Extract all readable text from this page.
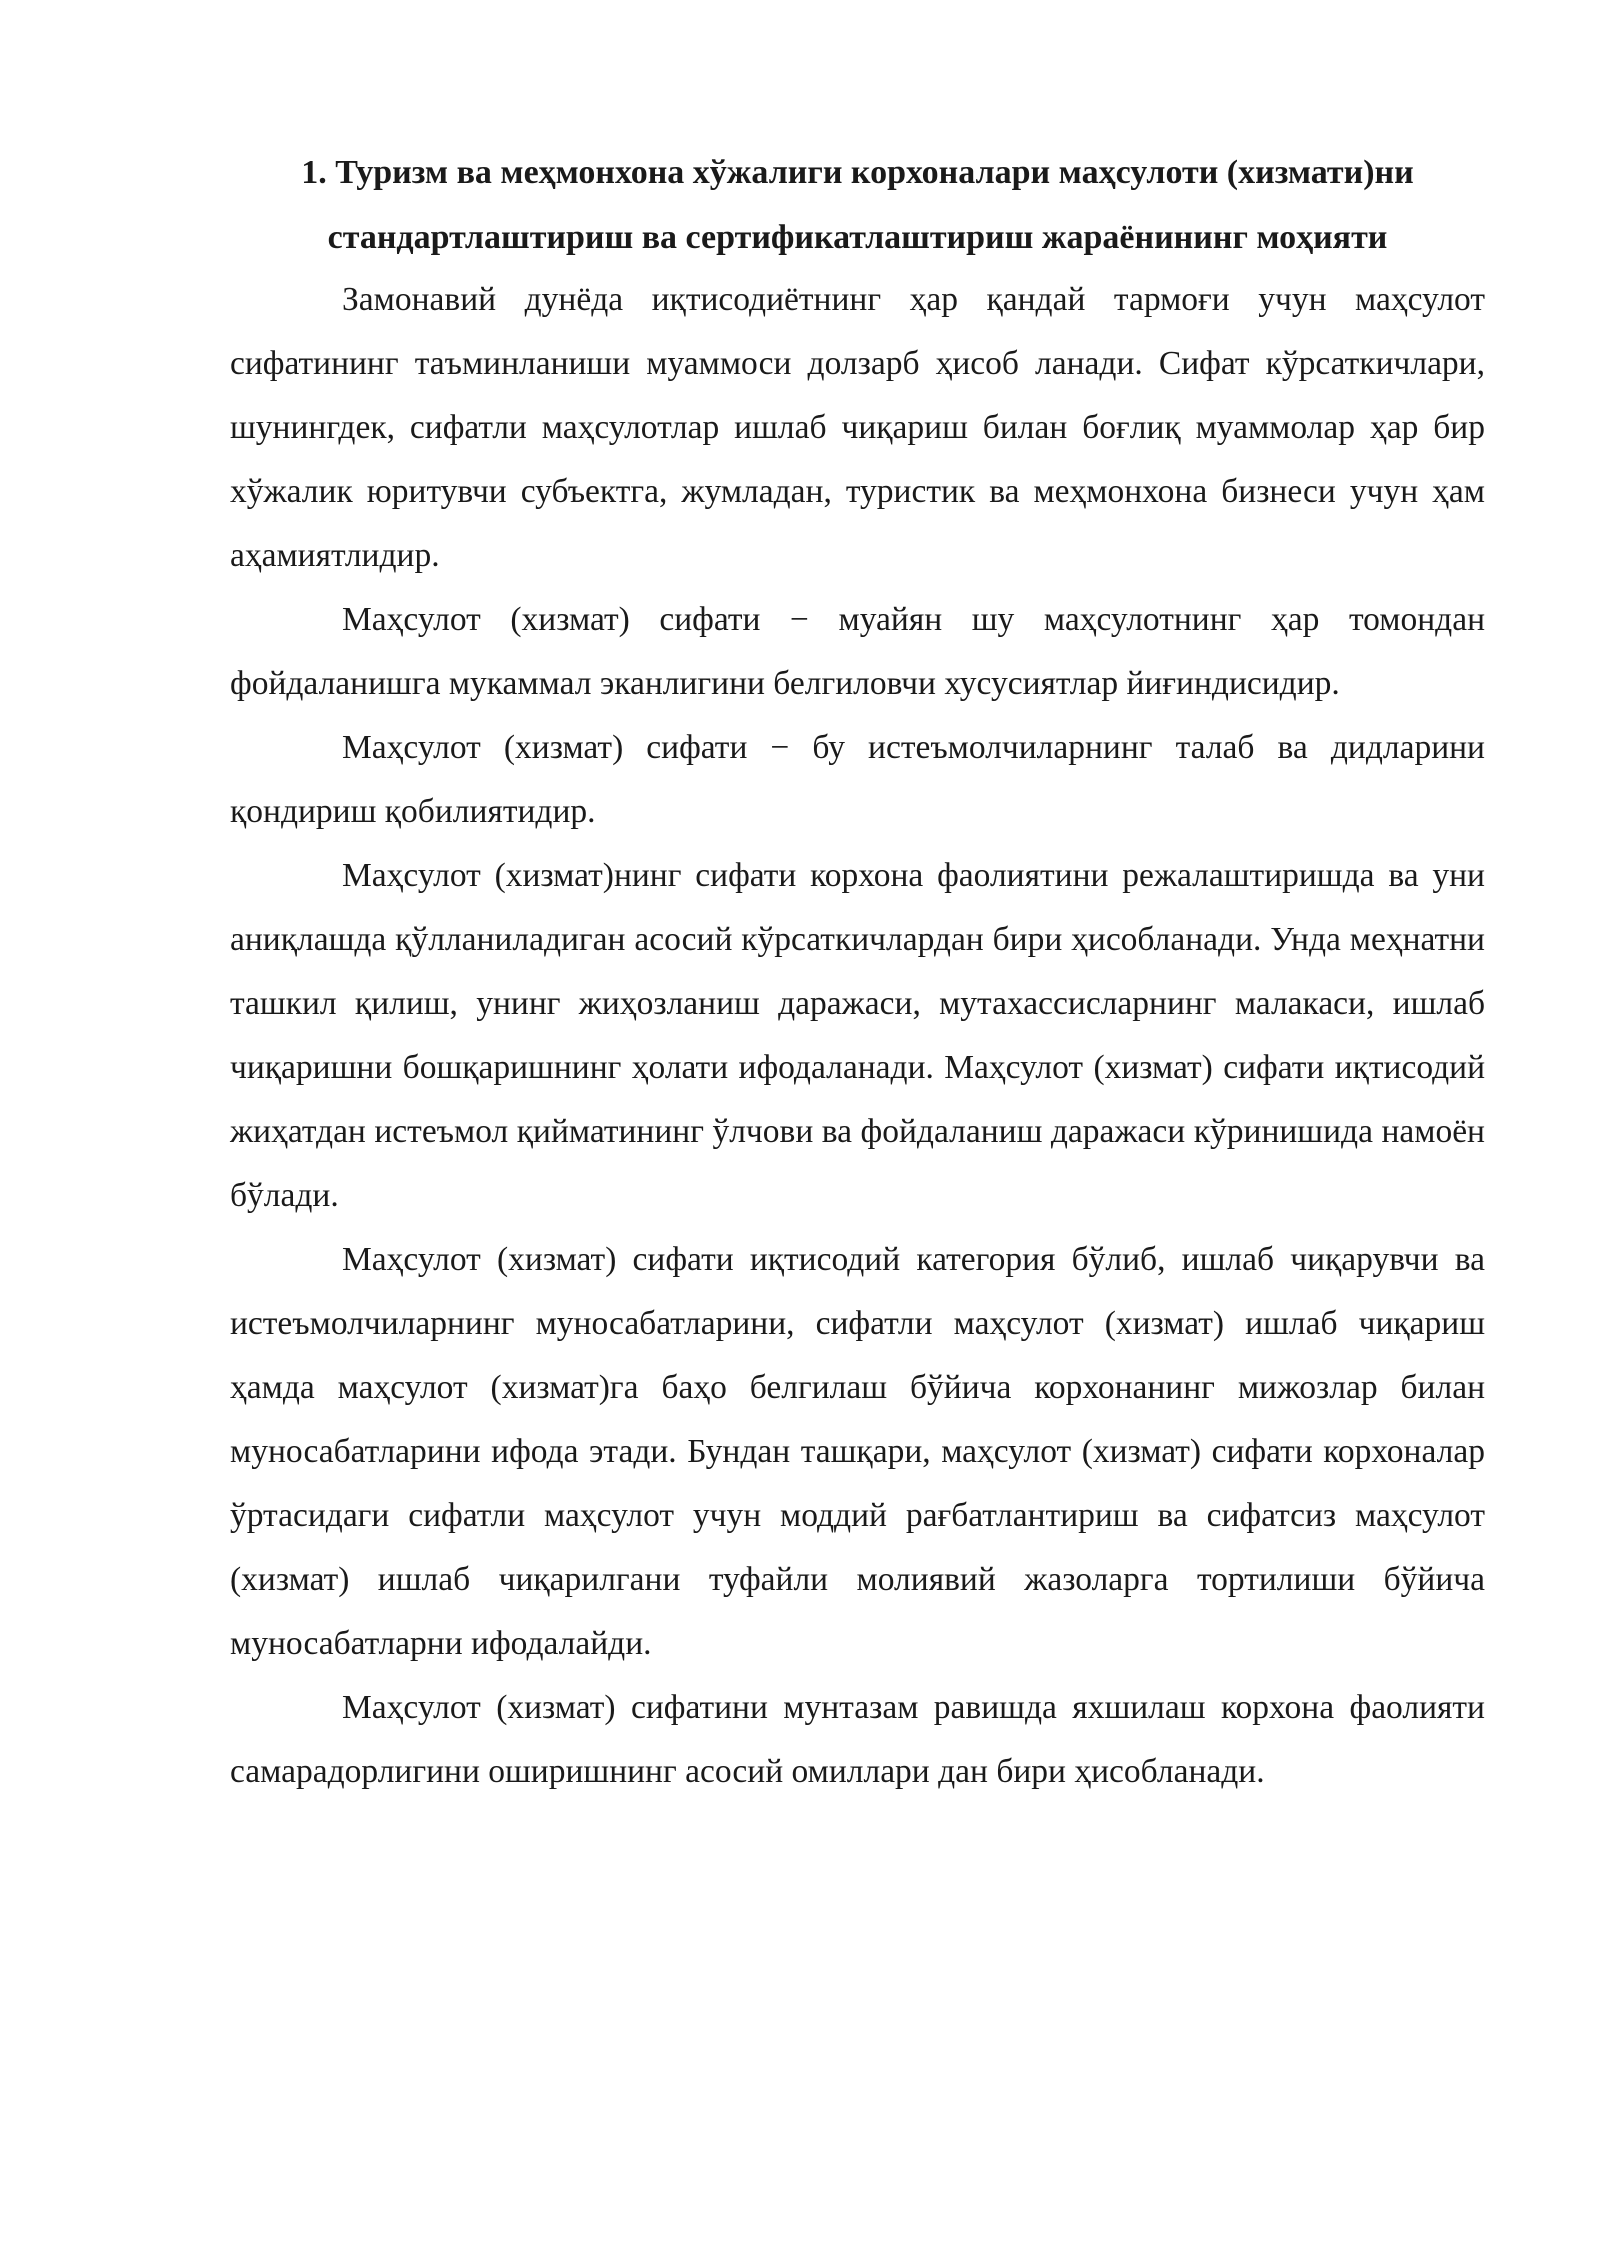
1. Туризм ва меҳмонхона хўжалиги корхоналари маҳсулоти (хизмати)ни стандартлаштириш ва сертификатлаштириш жараёнининг моҳияти

Замонавий дунёда иқтисодиётнинг ҳар қандай тармоғи учун маҳсулот сифатининг таъминланиши муаммоси долзарб ҳисоб ланади. Сифат кўрсаткичлари, шунингдек, сифатли маҳсулотлар ишлаб чиқариш билан боғлиқ муаммолар ҳар бир хўжалик юритувчи субъектга, жумладан, туристик ва меҳмонхона бизнеси учун ҳам аҳамиятлидир.

Маҳсулот (хизмат) сифати − муайян шу маҳсулотнинг ҳар томондан фойдаланишга мукаммал эканлигини белгиловчи хусусиятлар йиғиндисидир.

Маҳсулот (хизмат) сифати − бу истеъмолчиларнинг талаб ва дидларини қондириш қобилиятидир.

Маҳсулот (хизмат)нинг сифати корхона фаолиятини режалаштиришда ва уни аниқлашда қўлланиладиган асосий кўрсаткичлардан бири ҳисобланади. Унда меҳнатни ташкил қилиш, унинг жиҳозланиш даражаси, мутахассисларнинг малакаси, ишлаб чиқаришни бошқаришнинг ҳолати ифодаланади. Маҳсулот (хизмат) сифати иқтисодий жиҳатдан истеъмол қийматининг ўлчови ва фойдаланиш даражаси кўринишида намоён бўлади.

Маҳсулот (хизмат) сифати иқтисодий категория бўлиб, ишлаб чиқарувчи ва истеъмолчиларнинг муносабатларини, сифатли маҳсулот (хизмат) ишлаб чиқариш ҳамда маҳсулот (хизмат)га баҳо белгилаш бўйича корхонанинг мижозлар билан муносабатларини ифода этади. Бундан ташқари, маҳсулот (хизмат) сифати корхоналар ўртасидаги сифатли маҳсулот учун моддий рағбатлантириш ва сифатсиз маҳсулот (хизмат) ишлаб чиқарилгани туфайли молиявий жазоларга тортилиши бўйича муносабатларни ифодалайди.

Маҳсулот (хизмат) сифатини мунтазам равишда яхшилаш корхона фаолияти самарадорлигини оширишнинг асосий омиллари дан бири ҳисобланади.
